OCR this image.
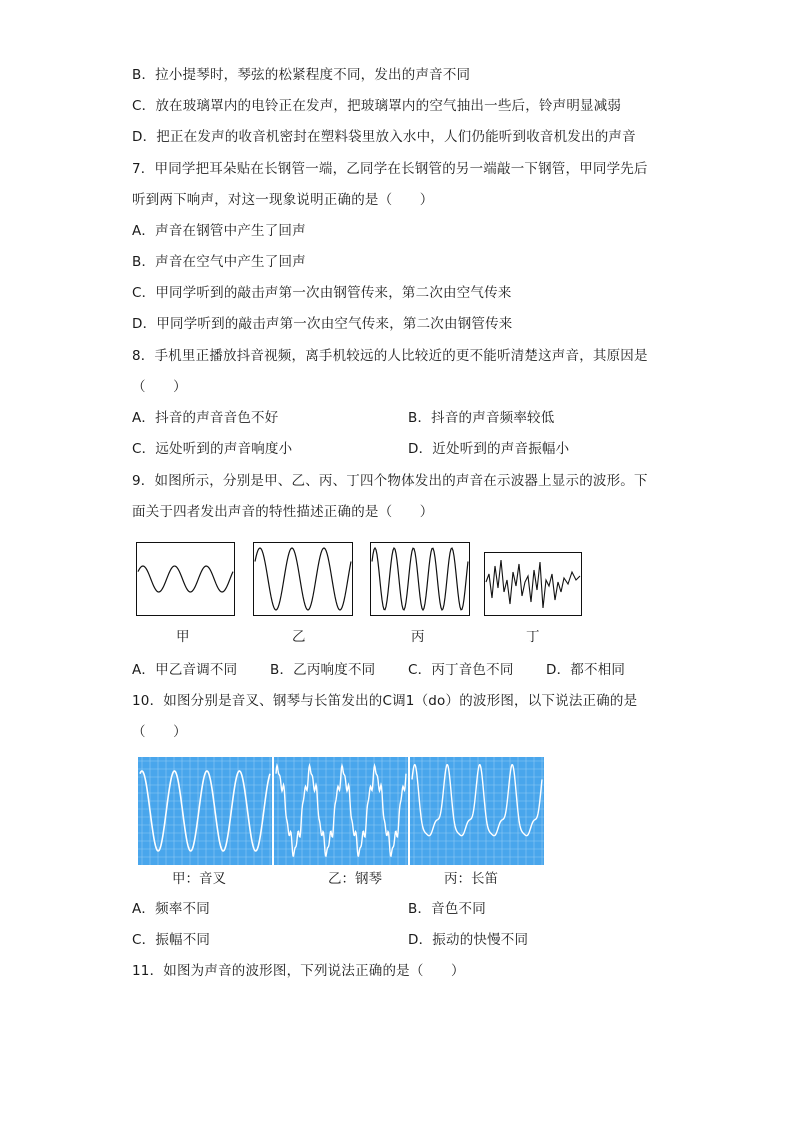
B．拉小提琴时，琴弦的松紧程度不同，发出的声音不同
C．放在玻璃罩内的电铃正在发声，把玻璃罩内的空气抽出一些后，铃声明显减弱
D．把正在发声的收音机密封在塑料袋里放入水中，人们仍能听到收音机发出的声音
7．甲同学把耳朵贴在长钢管一端，乙同学在长钢管的另一端敲一下钢管，甲同学先后
听到两下响声，对这一现象说明正确的是（　　）
A．声音在钢管中产生了回声
B．声音在空气中产生了回声
C．甲同学听到的敲击声第一次由钢管传来，第二次由空气传来
D．甲同学听到的敲击声第一次由空气传来，第二次由钢管传来
8．手机里正播放抖音视频，离手机较远的人比较近的更不能听清楚这声音，其原因是
（　　）
A．抖音的声音音色不好	B．抖音的声音频率较低
C．远处听到的声音响度小	D．近处听到的声音振幅小
9．如图所示，分别是甲、乙、丙、丁四个物体发出的声音在示波器上显示的波形。下
面关于四者发出声音的特性描述正确的是（　　）
甲	乙	丙	丁
A．甲乙音调不同 B．乙丙响度不同 C．丙丁音色不同 D．都不相同
10．如图分别是音叉、钢琴与长笛发出的C调1（do）的波形图，以下说法正确的是
（　　）
甲：音叉	乙：钢琴	丙：长笛
A．频率不同	B．音色不同
C．振幅不同	D．振动的快慢不同
11．如图为声音的波形图，下列说法正确的是（　　）
